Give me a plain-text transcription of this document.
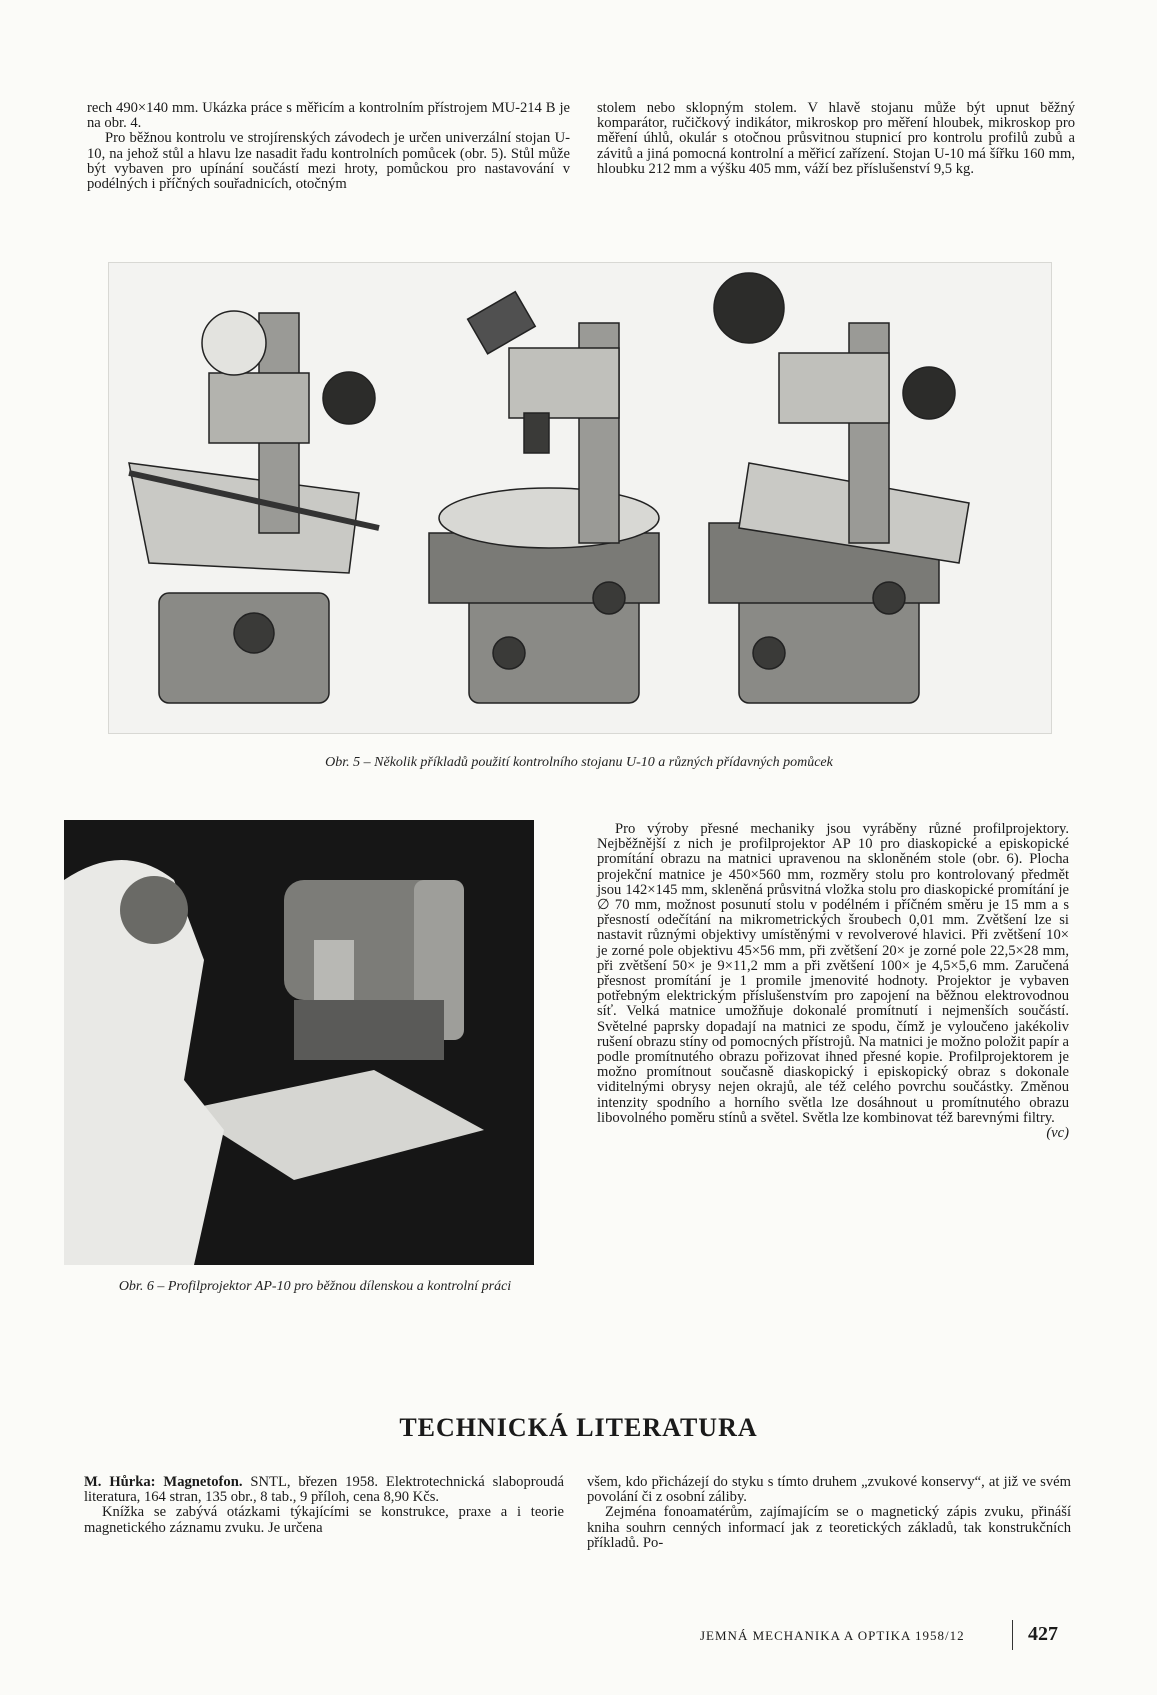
rech 490×140 mm. Ukázka práce s měřicím a kontrolním přístrojem MU-214 B je na obr. 4.

Pro běžnou kontrolu ve strojírenských závodech je určen univerzální stojan U-10, na jehož stůl a hlavu lze nasadit řadu kontrolních pomůcek (obr. 5). Stůl může být vybaven pro upínání součástí mezi hroty, pomůckou pro nastavování v podélných i příčných souřadnicích, otočným

stolem nebo sklopným stolem. V hlavě stojanu může být upnut běžný komparátor, ručičkový indikátor, mikroskop pro měření hloubek, mikroskop pro měření úhlů, okulár s otočnou průsvitnou stupnicí pro kontrolu profilů zubů a závitů a jiná pomocná kontrolní a měřicí zařízení. Stojan U-10 má šířku 160 mm, hloubku 212 mm a výšku 405 mm, váží bez příslušenství 9,5 kg.

Obr. 5 – Několik příkladů použití kontrolního stojanu U-10 a různých přídavných pomůcek
Obr. 6 – Profilprojektor AP-10 pro běžnou dílenskou a kontrolní práci

Pro výroby přesné mechaniky jsou vyráběny různé profilprojektory. Nejběžnější z nich je profilprojektor AP 10 pro diaskopické a episkopické promítání obrazu na matnici upravenou na skloněném stole (obr. 6). Plocha projekční matnice je 450×560 mm, rozměry stolu pro kontrolovaný předmět jsou 142×145 mm, skleněná průsvitná vložka stolu pro diaskopické promítání je ∅ 70 mm, možnost posunutí stolu v podélném i příčném směru je 15 mm a s přesností odečítání na mikrometrických šroubech 0,01 mm. Zvětšení lze si nastavit různými objektivy umístěnými v revolverové hlavici. Při zvětšení 10× je zorné pole objektivu 45×56 mm, při zvětšení 20× je zorné pole 22,5×28 mm, při zvětšení 50× je 9×11,2 mm a při zvětšení 100× je 4,5×5,6 mm. Zaručená přesnost promítání je 1 promile jmenovité hodnoty. Projektor je vybaven potřebným elektrickým příslušenstvím pro zapojení na běžnou elektrovodnou síť. Velká matnice umožňuje dokonalé promítnutí i nejmenších součástí. Světelné paprsky dopadají na matnici ze spodu, čímž je vyloučeno jakékoliv rušení obrazu stíny od pomocných přístrojů. Na matnici je možno položit papír a podle promítnutého obrazu pořizovat ihned přesné kopie. Profilprojektorem je možno promítnout současně diaskopický i episkopický obraz s dokonale viditelnými obrysy nejen okrajů, ale též celého povrchu součástky. Změnou intenzity spodního a horního světla lze dosáhnout u promítnutého obrazu libovolného poměru stínů a světel. Světla lze kombinovat též barevnými filtry.

(vc)

TECHNICKÁ LITERATURA

M. Hůrka: Magnetofon. SNTL, březen 1958. Elektrotechnická slaboproudá literatura, 164 stran, 135 obr., 8 tab., 9 příloh, cena 8,90 Kčs.

Knížka se zabývá otázkami týkajícími se konstrukce, praxe a i teorie magnetického záznamu zvuku. Je určena

všem, kdo přicházejí do styku s tímto druhem „zvukové konservy“, at již ve svém povolání či z osobní záliby.

Zejména fonoamatérům, zajímajícím se o magnetický zápis zvuku, přináší kniha souhrn cenných informací jak z teoretických základů, tak konstrukčních příkladů. Po-

JEMNÁ MECHANIKA A OPTIKA 1958/12	427
